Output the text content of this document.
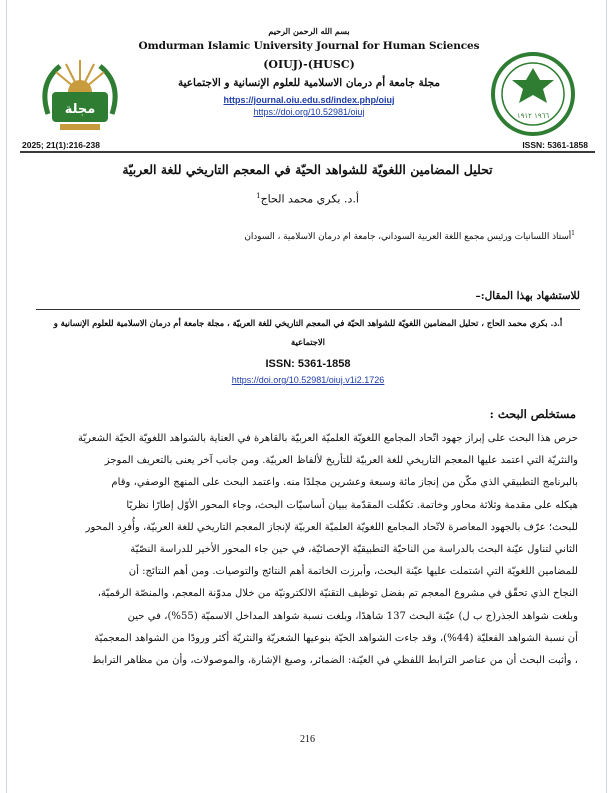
مجلة
بسم الله الرحمن الرحيم
Omdurman Islamic University Journal for Human Sciences
(OIUJ)-(HUSC)
مجلة جامعة أم درمان الاسلامية للعلوم الإنسانية و الاجتماعية
https://journal.oiu.edu.sd/index.php/oiuj
https://doi.org/10.52981/oiuj	١٩٦٦ ١٩١٢
2025; 21(1):216-238	ISSN: 5361-1858
تحليل المضامين اللغويّة للشواهد الحيّة في المعجم التاريخي للغة العربيّة
أ.د. بكري محمد الحاج$^1$
$^1$أستاذ اللسانيات ورئيس مجمع اللغة العربية السوداني، جامعة ام درمان الاسلامية ، السودان
للاستشهاد بهذا المقال:–
أ.د. بكري محمد الحاج ، تحليل المضامين اللغويّة للشواهد الحيّة في المعجم التاريخي للغة العربيّة ، مجلة جامعة أم درمان الاسلامية للعلوم الإنسانية و الاجتماعية
ISSN: 5361-1858
https://doi.org/10.52981/oiuj.v1i2.1726
مستخلص البحث :

حرص هذا البحث على إبراز جهود اتّحاد المجامع اللغويّة العلميّة العربيّة بالقاهرة في العناية بالشواهد اللغويّة الحيّة الشعريّة

والنثريّة التي اعتمد عليها المعجم التاريخي للغة العربيّة للتأريخ لألفاظ العربيّة. ومن جانب آخر يعنى بالتعريف الموجز

بالبرنامج التطبيقي الذي مكّن من إنجاز مائة وسبعة وعشرين مجلدًا منه. واعتمد البحث على المنهج الوصفي، وقام

هيكله على مقدمة وثلاثة محاور وخاتمة. تكفّلت المقدّمة ببيان أساسيّات البحث، وجاء المحور الأوّل إطارًا نظريًا

للبحث؛ عرّف بالجهود المعاصرة لاتّحاد المجامع اللغويّة العلميّة العربيّة لإنجاز المعجم التاريخي للغة العربيّة، وأُفرِد المحور

الثاني لتناول عيّنة البحث بالدراسة من الناحيّة التطبيقيّة الإحصائيّة، في حين جاء المحور الأخير للدراسة النصّيّة

للمضامين اللغويّة التي اشتملت عليها عيّنة البحث، وأبرزت الخاتمة أهم النتائج والتوصيات. ومن أهم النتائج: أن

النجاح الذي تحقّق في مشروع المعجم تم بفضل توظيف التقنيّة الالكترونيّة من خلال مدوّنة المعجم، والمنصّة الرقميّة،

وبلغت شواهد الجذر(ج ب ل) عيّنة البحث 137 شاهدًا، وبلغت نسبة شواهد المداخل الاسميّة (55%)، في حين

أن نسبة الشواهد الفعليّة (44%)، وقد جاءت الشواهد الحيّة بنوعيها الشعريّة والنثريّة أكثر ورودًا من الشواهد المعجميّة

، وأثبت البحث أن من عناصر الترابط اللفظي في العيّنة: الضمائر، وصيغ الإشارة، والموصولات، وأن من مظاهر الترابط

216
